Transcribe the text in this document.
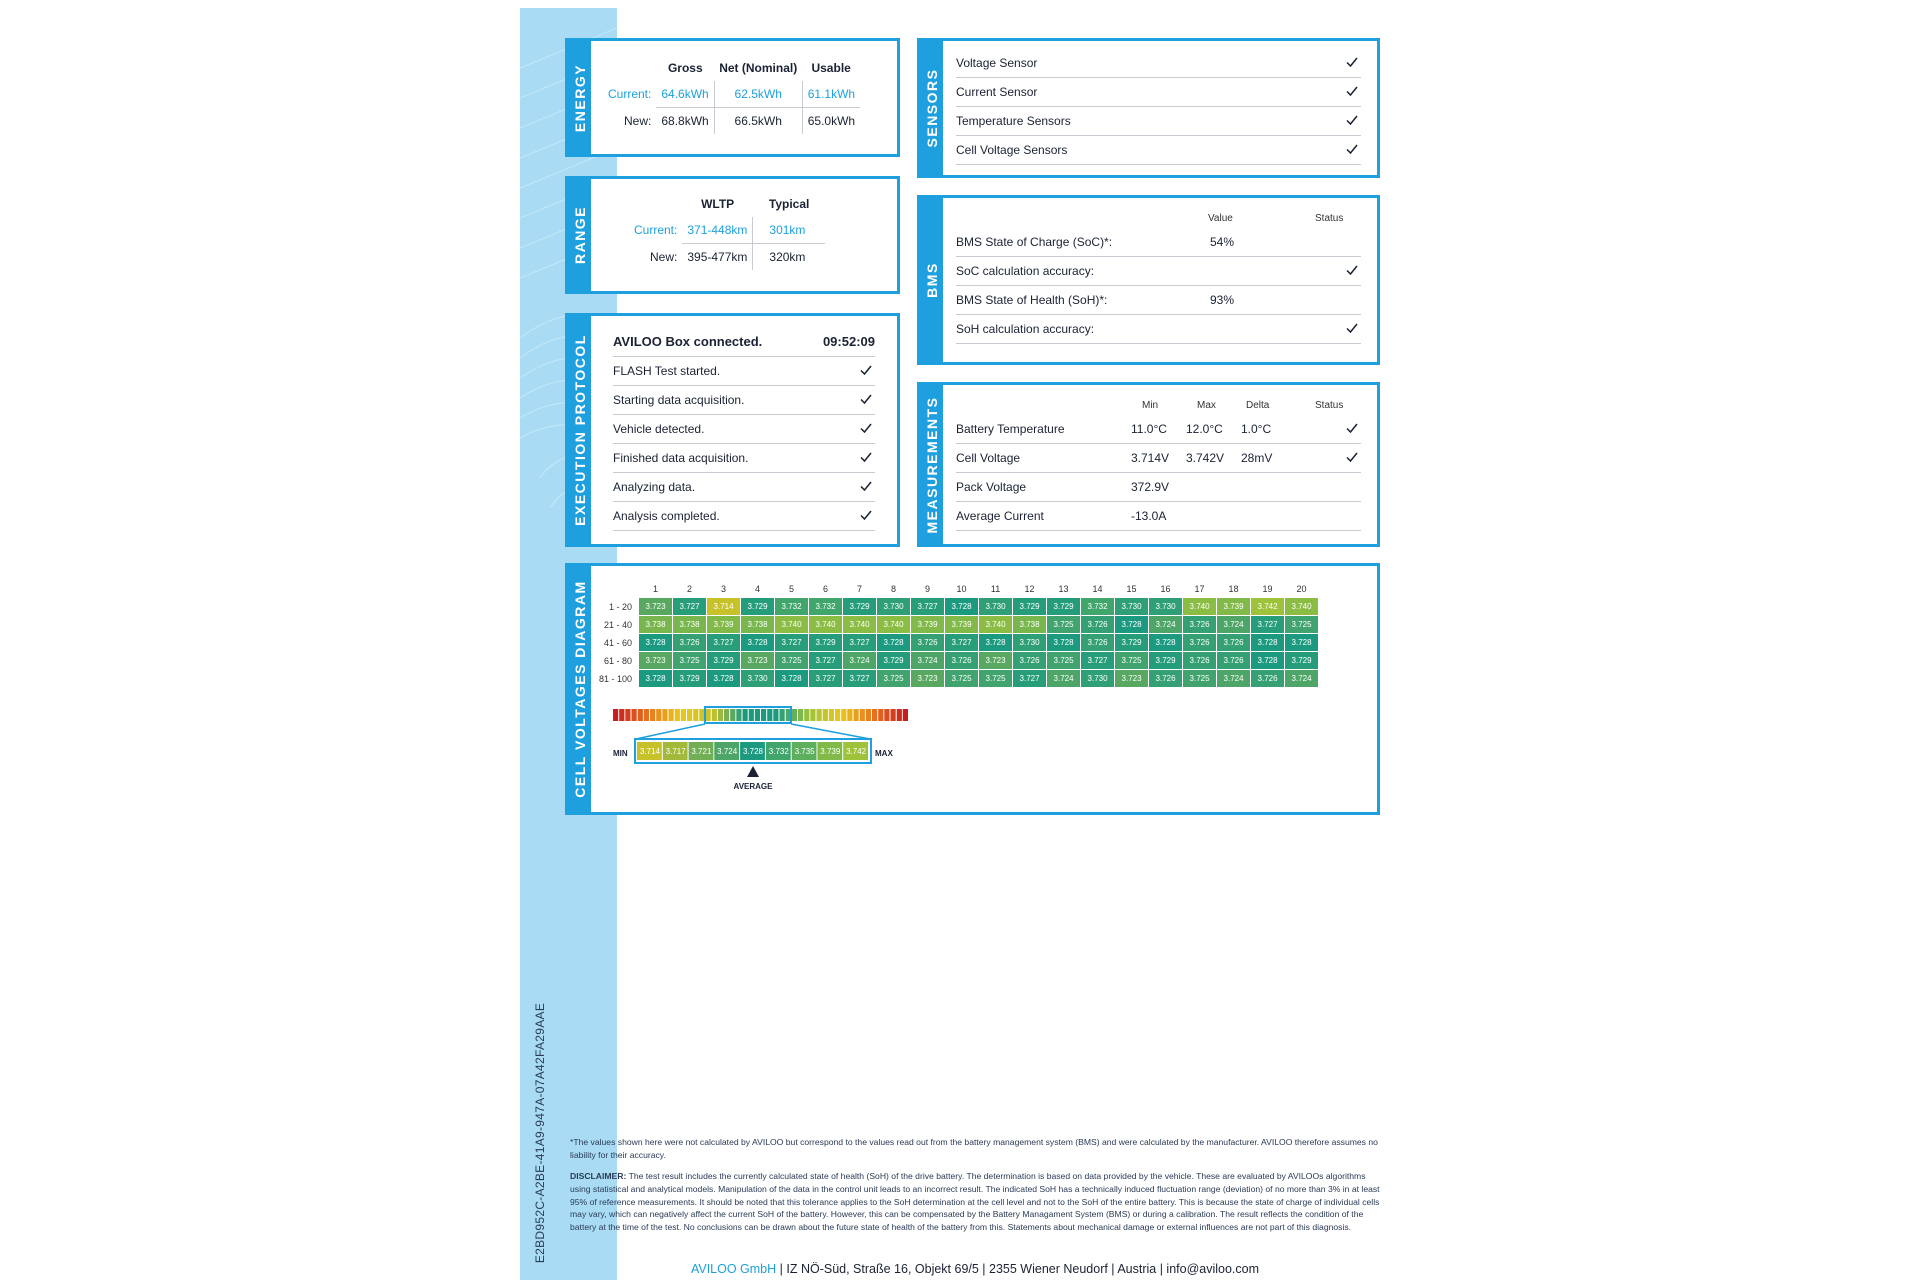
E2BD952C-A2BE-41A9-947A-07A42FA29AAE
ENERGY
		Gross	Net (Nominal)	Usable
Current:	64.6kWh	62.5kWh	61.1kWh
New:	68.8kWh	66.5kWh	65.0kWh
RANGE
	WLTP	Typical
Current:	371-448km	301km
New:	395-477km	320km
EXECUTION PROTOCOL AVILOO Box connected.	09:52:09
FLASH Test started.
Starting data acquisition.
Vehicle detected.
Finished data acquisition.
Analyzing data.
Analysis completed.
SENSORS
Voltage Sensor
Current Sensor
Temperature Sensors
Cell Voltage Sensors
BMS
Value	Status
BMS State of Charge (SoC)*:	54%
SoC calculation accuracy:
BMS State of Health (SoH)*:	93%
SoH calculation accuracy:
MEASUREMENTS	Min	Max	Delta	Status
Battery Temperature	11.0°C 12.0°C 1.0°C
Cell Voltage	3.714V 3.742V 28mV
Pack Voltage	372.9V
Average Current	-13.0A
CELL VOLTAGES DIAGRAM
		1	2	3	4	5	6	7	8	9	10	11	12	13	14	15	16	17	18	19	20
1 - 20	3.723	3.727	3.714	3.729	3.732	3.732	3.729	3.730	3.727	3.728	3.730	3.729	3.729	3.732	3.730	3.730	3.740	3.739	3.742	3.740
21 - 40	3.738	3.738	3.739	3.738	3.740	3.740	3.740	3.740	3.739	3.739	3.740	3.738	3.725	3.726	3.728	3.724	3.726	3.724	3.727	3.725
41 - 60	3.728	3.726	3.727	3.728	3.727	3.729	3.727	3.728	3.726	3.727	3.728	3.730	3.728	3.726	3.729	3.728	3.726	3.726	3.728	3.728
61 - 80	3.723	3.725	3.729	3.723	3.725	3.727	3.724	3.729	3.724	3.726	3.723	3.726	3.725	3.727	3.725	3.729	3.726	3.726	3.728	3.729
81 - 100	3.728	3.729	3.728	3.730	3.728	3.727	3.727	3.725	3.723	3.725	3.725	3.727	3.724	3.730	3.723	3.726	3.725	3.724	3.726	3.724
3.714 3.717 3.721 3.724 3.728 3.732 3.735 3.739 3.742
MIN	MAX
AVERAGE
*The values shown here were not calculated by AVILOO but correspond to the values read out from the battery management system (BMS) and were calculated by the manufacturer. AVILOO therefore assumes no liability for their accuracy.
DISCLAIMER: The test result includes the currently calculated state of health (SoH) of the drive battery. The determination is based on data provided by the vehicle. These are evaluated by AVILOOs algorithms using statistical and analytical models. Manipulation of the data in the control unit leads to an incorrect result. The indicated SoH has a technically induced fluctuation range (deviation) of no more than 3% in at least 95% of reference measurements. It should be noted that this tolerance applies to the SoH determination at the cell level and not to the SoH of the entire battery. This is because the state of charge of individual cells may vary, which can negatively affect the current SoH of the battery. However, this can be compensated by the Battery Managament System (BMS) or during a calibration. The result reflects the condition of the battery at the time of the test. No conclusions can be drawn about the future state of health of the battery from this. Statements about mechanical damage or external influences are not part of this diagnosis.
AVILOO GmbH | IZ NÖ-Süd, Straße 16, Objekt 69/5 | 2355 Wiener Neudorf | Austria | info@aviloo.com
